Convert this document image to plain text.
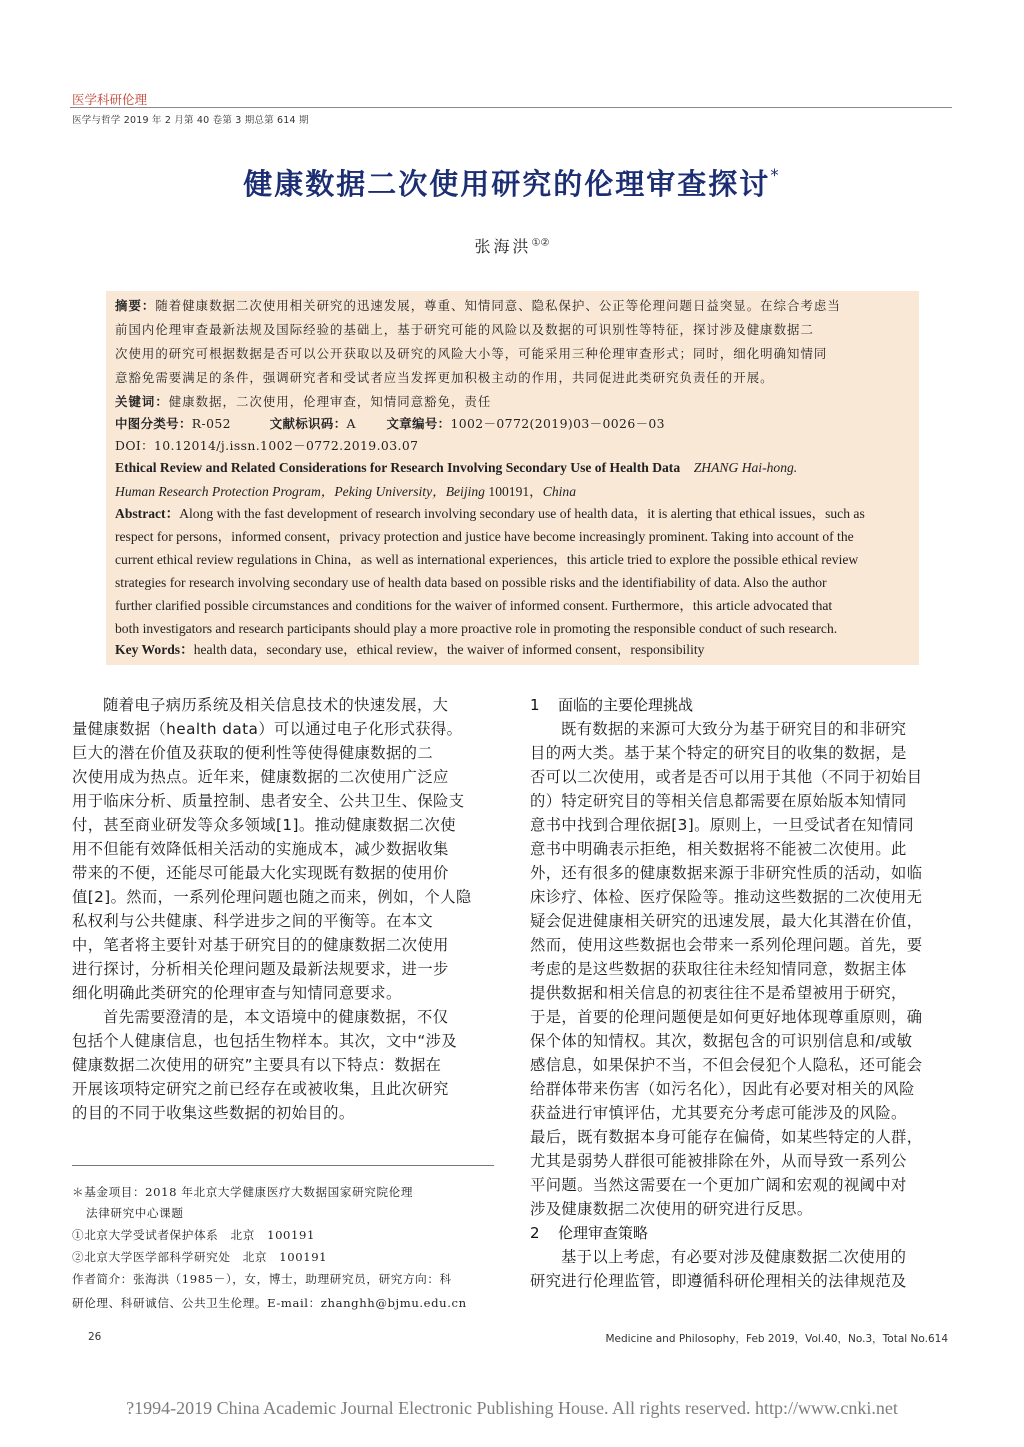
医学科研伦理
医学与哲学 2019 年 2 月第 40 卷第 3 期总第 614 期
健康数据二次使用研究的伦理审查探讨*
张海洪①②
摘要：随着健康数据二次使用相关研究的迅速发展，尊重、知情同意、隐私保护、公正等伦理问题日益突显。在综合考虑当
前国内伦理审查最新法规及国际经验的基础上，基于研究可能的风险以及数据的可识别性等特征，探讨涉及健康数据二
次使用的研究可根据数据是否可以公开获取以及研究的风险大小等，可能采用三种伦理审查形式；同时，细化明确知情同
意豁免需要满足的条件，强调研究者和受试者应当发挥更加积极主动的作用，共同促进此类研究负责任的开展。
关键词：健康数据，二次使用，伦理审查，知情同意豁免，责任
中图分类号：R-052	文献标识码：A 文章编号：1002－0772(2019)03－0026－03
DOI：10.12014/j.issn.1002－0772.2019.03.07
Ethical Review and Related Considerations for Research Involving Secondary Use of Health Data ZHANG Hai-hong.
Human Research Protection Program，Peking University，Beijing 100191，China
Abstract：Along with the fast development of research involving secondary use of health data，it is alerting that ethical issues，such as
respect for persons，informed consent，privacy protection and justice have become increasingly prominent. Taking into account of the
current ethical review regulations in China，as well as international experiences，this article tried to explore the possible ethical review
strategies for research involving secondary use of health data based on possible risks and the identifiability of data. Also the author
further clarified possible circumstances and conditions for the waiver of informed consent. Furthermore，this article advocated that
both investigators and research participants should play a more proactive role in promoting the responsible conduct of such research.
Key Words：health data，secondary use，ethical review，the waiver of informed consent，responsibility
随着电子病历系统及相关信息技术的快速发展，大
量健康数据（health data）可以通过电子化形式获得。
巨大的潜在价值及获取的便利性等使得健康数据的二
次使用成为热点。近年来，健康数据的二次使用广泛应
用于临床分析、质量控制、患者安全、公共卫生、保险支
付，甚至商业研发等众多领域[1]。推动健康数据二次使
用不但能有效降低相关活动的实施成本，减少数据收集
带来的不便，还能尽可能最大化实现既有数据的使用价
值[2]。然而，一系列伦理问题也随之而来，例如，个人隐
私权利与公共健康、科学进步之间的平衡等。在本文
中，笔者将主要针对基于研究目的的健康数据二次使用
进行探讨，分析相关伦理问题及最新法规要求，进一步
细化明确此类研究的伦理审查与知情同意要求。
首先需要澄清的是，本文语境中的健康数据，不仅
包括个人健康信息，也包括生物样本。其次，文中“涉及
健康数据二次使用的研究”主要具有以下特点：数据在
开展该项特定研究之前已经存在或被收集，且此次研究
的目的不同于收集这些数据的初始目的。
1 面临的主要伦理挑战
既有数据的来源可大致分为基于研究目的和非研究
目的两大类。基于某个特定的研究目的收集的数据，是
否可以二次使用，或者是否可以用于其他（不同于初始目
的）特定研究目的等相关信息都需要在原始版本知情同
意书中找到合理依据[3]。原则上，一旦受试者在知情同
意书中明确表示拒绝，相关数据将不能被二次使用。此
外，还有很多的健康数据来源于非研究性质的活动，如临
床诊疗、体检、医疗保险等。推动这些数据的二次使用无
疑会促进健康相关研究的迅速发展，最大化其潜在价值，
然而，使用这些数据也会带来一系列伦理问题。首先，要
考虑的是这些数据的获取往往未经知情同意，数据主体
提供数据和相关信息的初衷往往不是希望被用于研究，
于是，首要的伦理问题便是如何更好地体现尊重原则，确
保个体的知情权。其次，数据包含的可识别信息和/或敏
感信息，如果保护不当，不但会侵犯个人隐私，还可能会
给群体带来伤害（如污名化），因此有必要对相关的风险
获益进行审慎评估，尤其要充分考虑可能涉及的风险。
最后，既有数据本身可能存在偏倚，如某些特定的人群，
尤其是弱势人群很可能被排除在外，从而导致一系列公
平问题。当然这需要在一个更加广阔和宏观的视阈中对
涉及健康数据二次使用的研究进行反思。
2 伦理审查策略
基于以上考虑，有必要对涉及健康数据二次使用的
研究进行伦理监管，即遵循科研伦理相关的法律规范及
＊基金项目：2018 年北京大学健康医疗大数据国家研究院伦理
法律研究中心课题
①北京大学受试者保护体系　北京　100191
②北京大学医学部科学研究处　北京　100191
作者简介：张海洪（1985－），女，博士，助理研究员，研究方向：科
研伦理、科研诚信、公共卫生伦理。E-mail：zhanghh@bjmu.edu.cn
26	Medicine and Philosophy，Feb 2019，Vol.40，No.3，Total No.614
?1994-2019 China Academic Journal Electronic Publishing House. All rights reserved. http://www.cnki.net
